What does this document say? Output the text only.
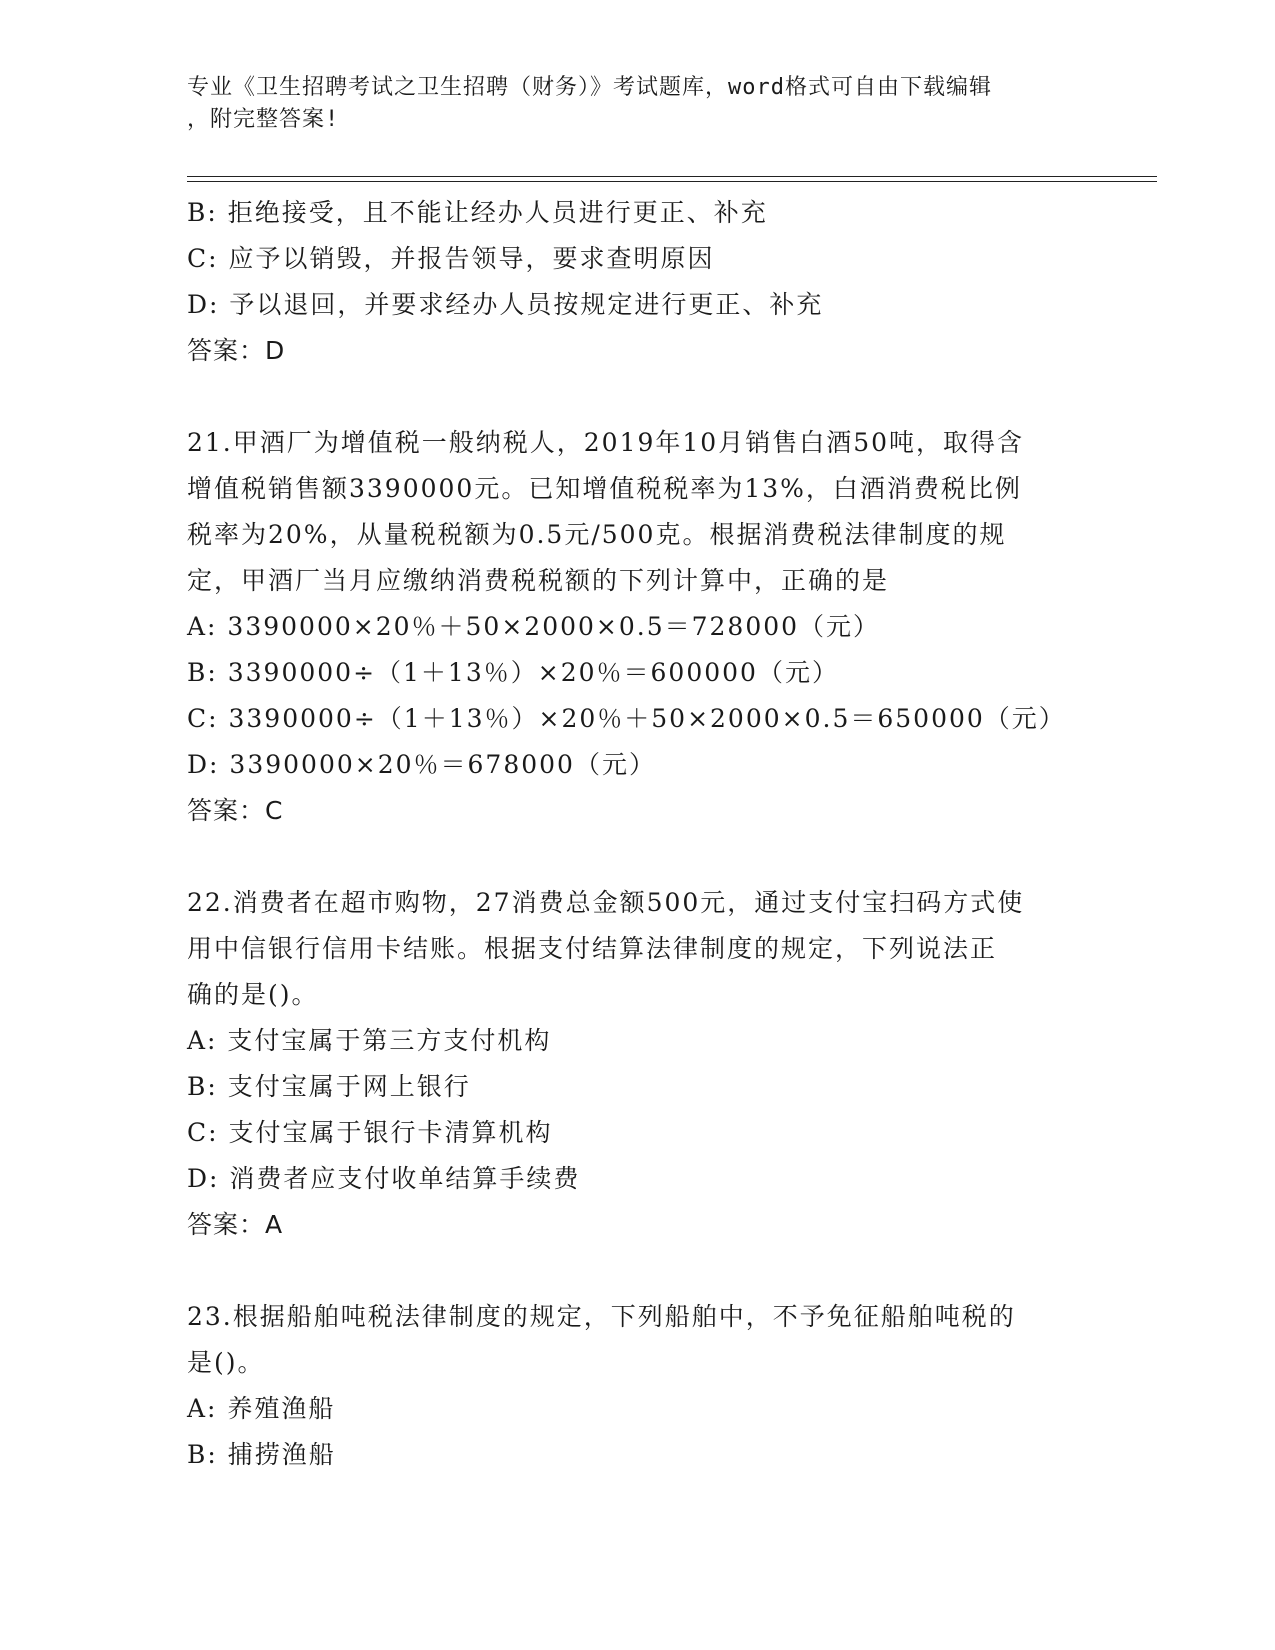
专业《卫生招聘考试之卫生招聘（财务）》考试题库，word格式可自由下载编辑
，附完整答案!
B: 拒绝接受，且不能让经办人员进行更正、补充
C: 应予以销毁，并报告领导，要求查明原因
D: 予以退回，并要求经办人员按规定进行更正、补充
答案：D
21.甲酒厂为增值税一般纳税人，2019年10月销售白酒50吨，取得含
增值税销售额3390000元。已知增值税税率为13%，白酒消费税比例
税率为20%，从量税税额为0.5元/500克。根据消费税法律制度的规
定，甲酒厂当月应缴纳消费税税额的下列计算中，正确的是
A: 3390000×20％＋50×2000×0.5＝728000（元）
B: 3390000÷（1＋13％）×20％＝600000（元）
C: 3390000÷（1＋13％）×20％＋50×2000×0.5＝650000（元）
D: 3390000×20％＝678000（元）
答案：C
22.消费者在超市购物，27消费总金额500元，通过支付宝扫码方式使
用中信银行信用卡结账。根据支付结算法律制度的规定，下列说法正
确的是()。
A: 支付宝属于第三方支付机构
B: 支付宝属于网上银行
C: 支付宝属于银行卡清算机构
D: 消费者应支付收单结算手续费
答案：A
23.根据船舶吨税法律制度的规定，下列船舶中，不予免征船舶吨税的
是()。
A: 养殖渔船
B: 捕捞渔船
